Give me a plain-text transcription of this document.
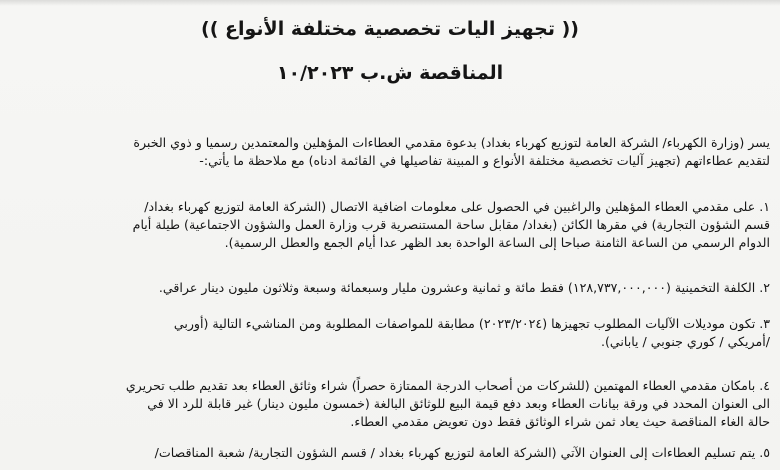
(( تجهيز اليات تخصصية مختلفة الأنواع ))
المناقصة ش.ب ١٠/٢٠٢٣
يسر (وزارة الكهرباء/ الشركة العامة لتوزيع كهرباء بغداد) بدعوة مقدمي العطاءات المؤهلين والمعتمدين رسميا و ذوي الخبرة
لتقديم عطاءاتهم (تجهيز آليات تخصصية مختلفة الأنواع و المبينة تفاصيلها في القائمة ادناه) مع ملاحظة ما يأتي:-
١. على مقدمي العطاء المؤهلين والراغبين في الحصول على معلومات اضافية الاتصال (الشركة العامة لتوزيع كهرباء بغداد/
قسم الشؤون التجارية) في مقرها الكائن (بغداد/ مقابل ساحة المستنصرية قرب وزارة العمل والشؤون الاجتماعية) طيلة أيام
الدوام الرسمي من الساعة الثامنة صباحا إلى الساعة الواحدة بعد الظهر عدا أيام الجمع والعطل الرسمية).
٢. الكلفة التخمينية (١٢٨,٧٣٧,٠٠٠,٠٠٠) فقط مائة و ثمانية وعشرون مليار وسبعمائة وسبعة وثلاثون مليون دينار عراقي.
٣. تكون موديلات الآليات المطلوب تجهيزها (٢٠٢٣/٢٠٢٤) مطابقة للمواصفات المطلوبة ومن المناشيء التالية (أوربي
/أمريكي / كوري جنوبي / ياباني).
٤. بامكان مقدمي العطاء المهتمين (للشركات من أصحاب الدرجة الممتازة حصراً) شراء وثائق العطاء بعد تقديم طلب تحريري
الى العنوان المحدد في ورقة بيانات العطاء وبعد دفع قيمة البيع للوثائق البالغة (خمسون مليون دينار) غير قابلة للرد الا في
حالة الغاء المناقصة حيث يعاد ثمن شراء الوثائق فقط دون تعويض مقدمي العطاء.
٥. يتم تسليم العطاءات إلى العنوان الآتي (الشركة العامة لتوزيع كهرباء بغداد / قسم الشؤون التجارية/ شعبة المناقصات/
